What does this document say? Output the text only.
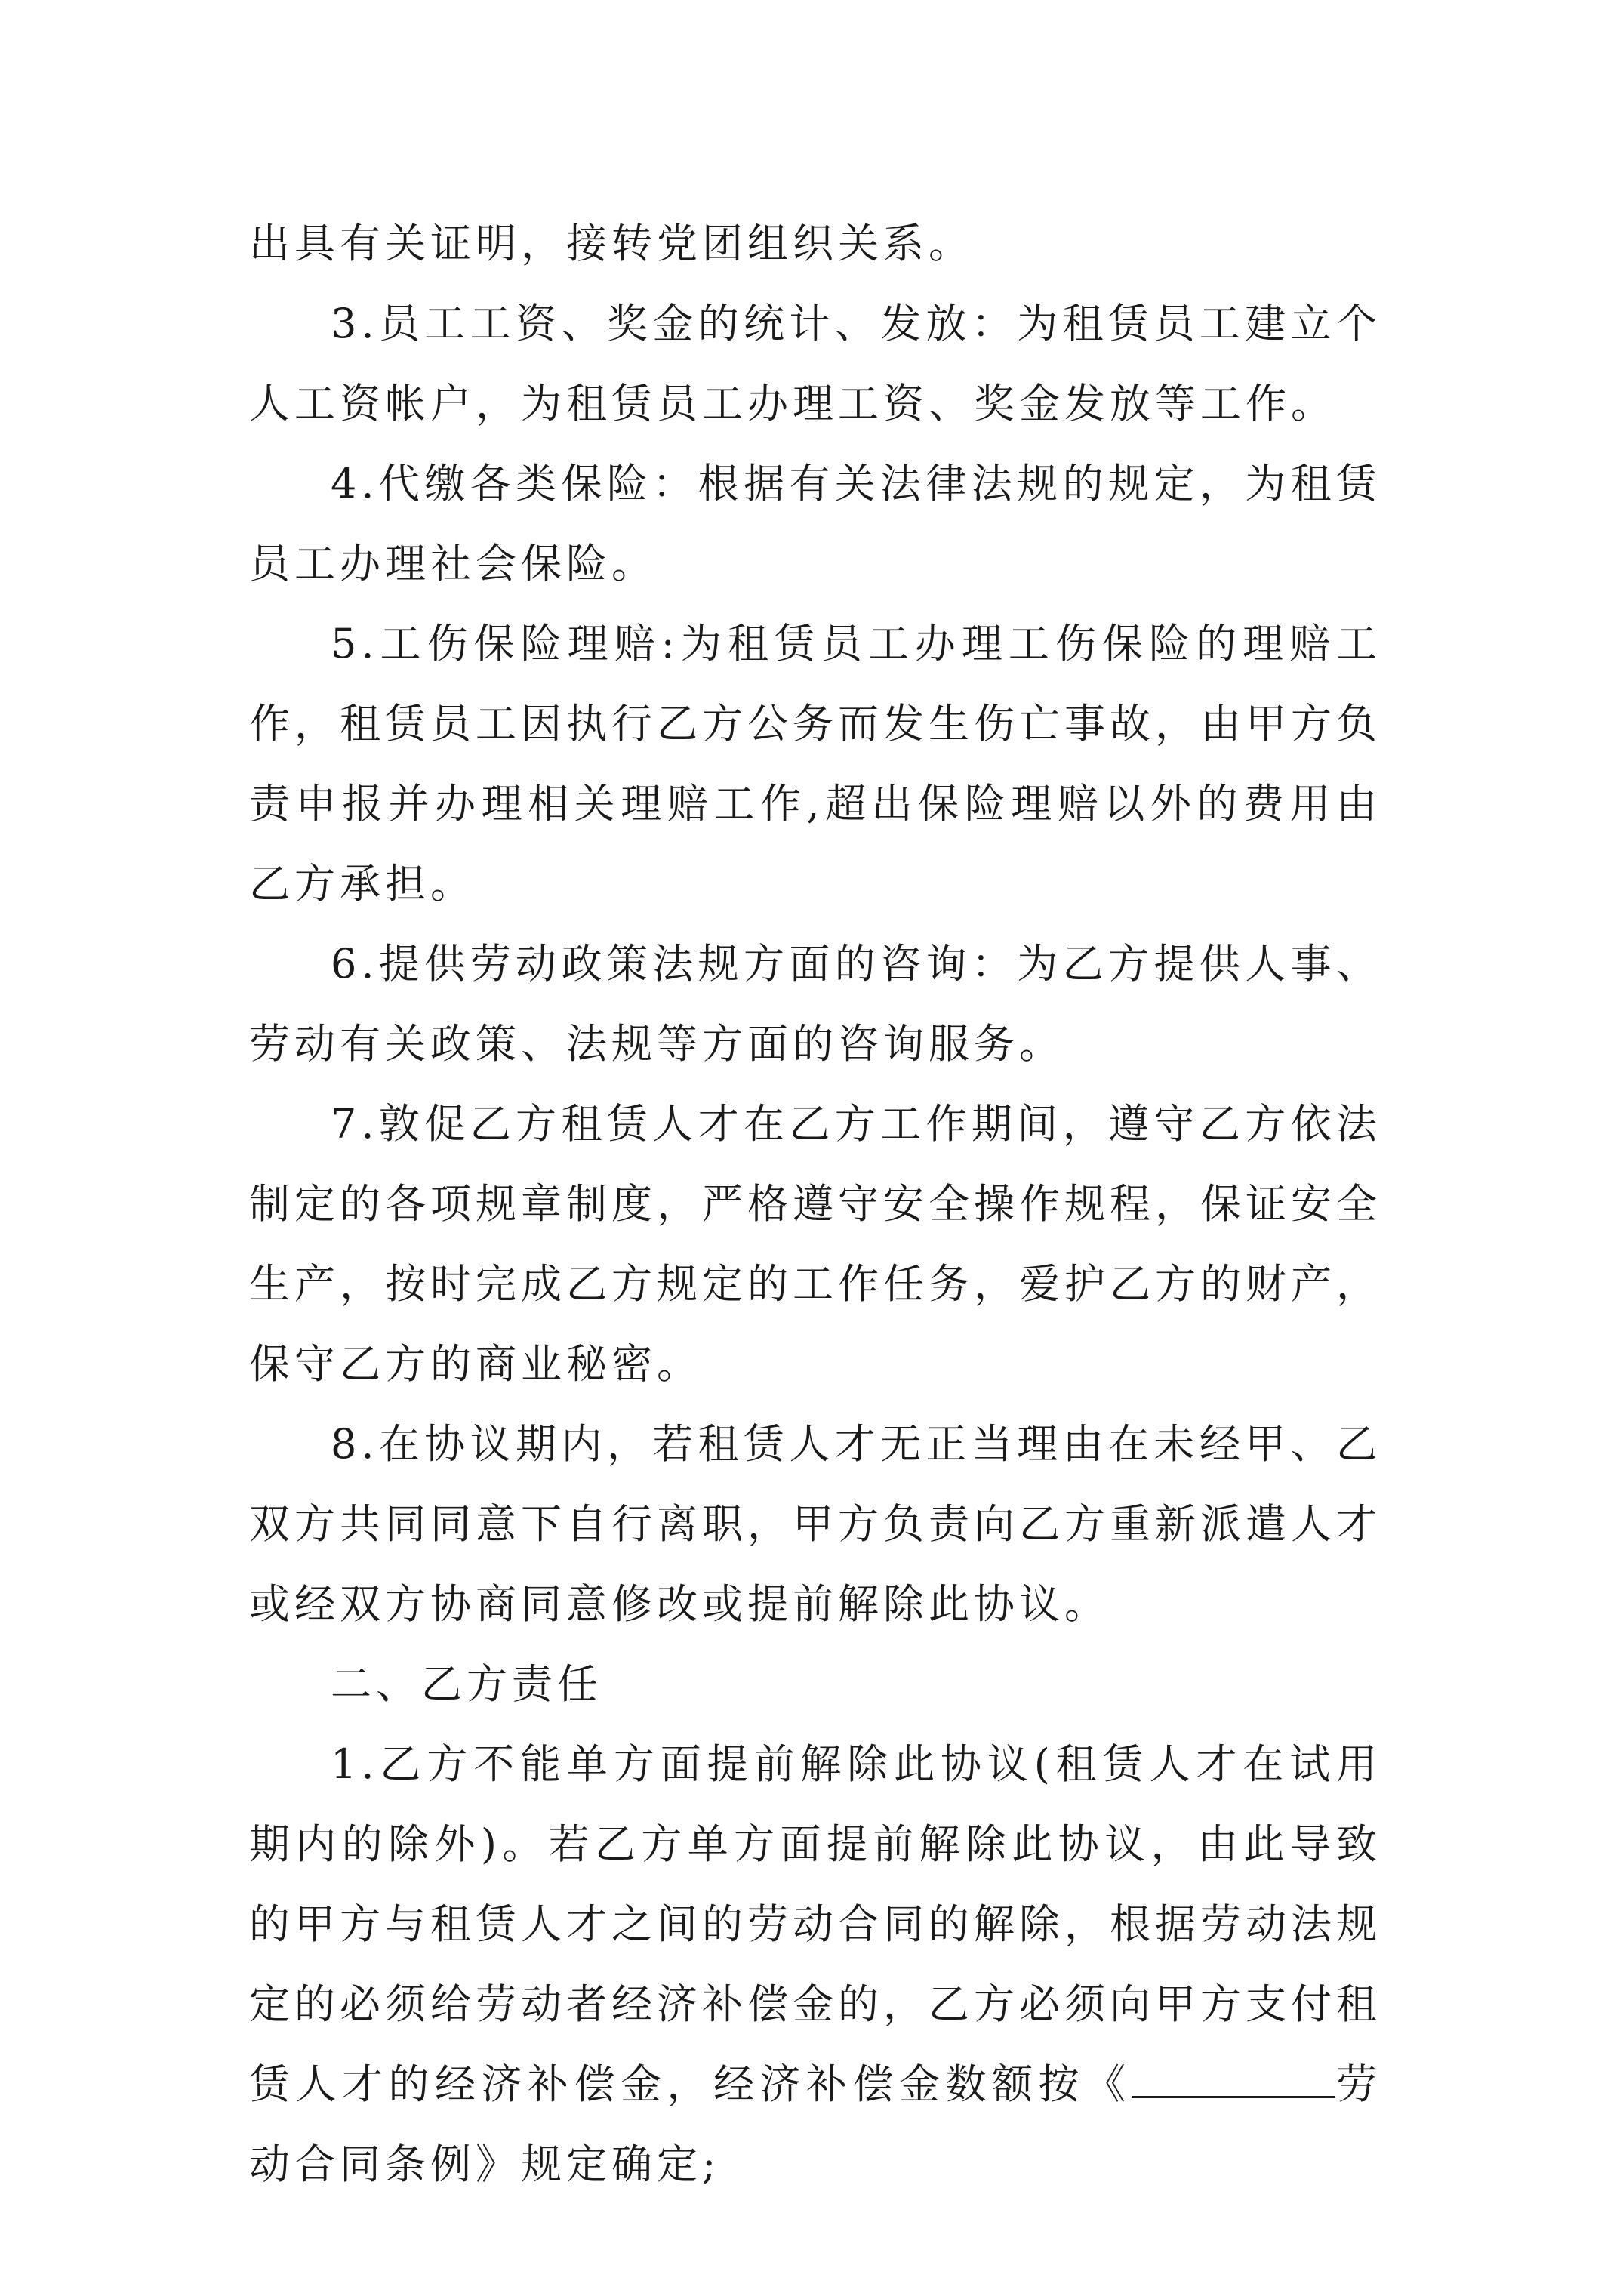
出具有关证明，接转党团组织关系。

3.员工工资、奖金的统计、发放：为租赁员工建立个人工资帐户，为租赁员工办理工资、奖金发放等工作。

4.代缴各类保险：根据有关法律法规的规定，为租赁员工办理社会保险。

5.工伤保险理赔:为租赁员工办理工伤保险的理赔工作，租赁员工因执行乙方公务而发生伤亡事故，由甲方负责申报并办理相关理赔工作,超出保险理赔以外的费用由乙方承担。

6.提供劳动政策法规方面的咨询：为乙方提供人事、劳动有关政策、法规等方面的咨询服务。

7.敦促乙方租赁人才在乙方工作期间，遵守乙方依法制定的各项规章制度，严格遵守安全操作规程，保证安全生产，按时完成乙方规定的工作任务，爱护乙方的财产，保守乙方的商业秘密。

8.在协议期内，若租赁人才无正当理由在未经甲、乙双方共同同意下自行离职，甲方负责向乙方重新派遣人才或经双方协商同意修改或提前解除此协议。

二、乙方责任

1.乙方不能单方面提前解除此协议(租赁人才在试用期内的除外)。若乙方单方面提前解除此协议，由此导致的甲方与租赁人才之间的劳动合同的解除，根据劳动法规定的必须给劳动者经济补偿金的，乙方必须向甲方支付租赁人才的经济补偿金，经济补偿金数额按《	劳动合同条例》规定确定;
